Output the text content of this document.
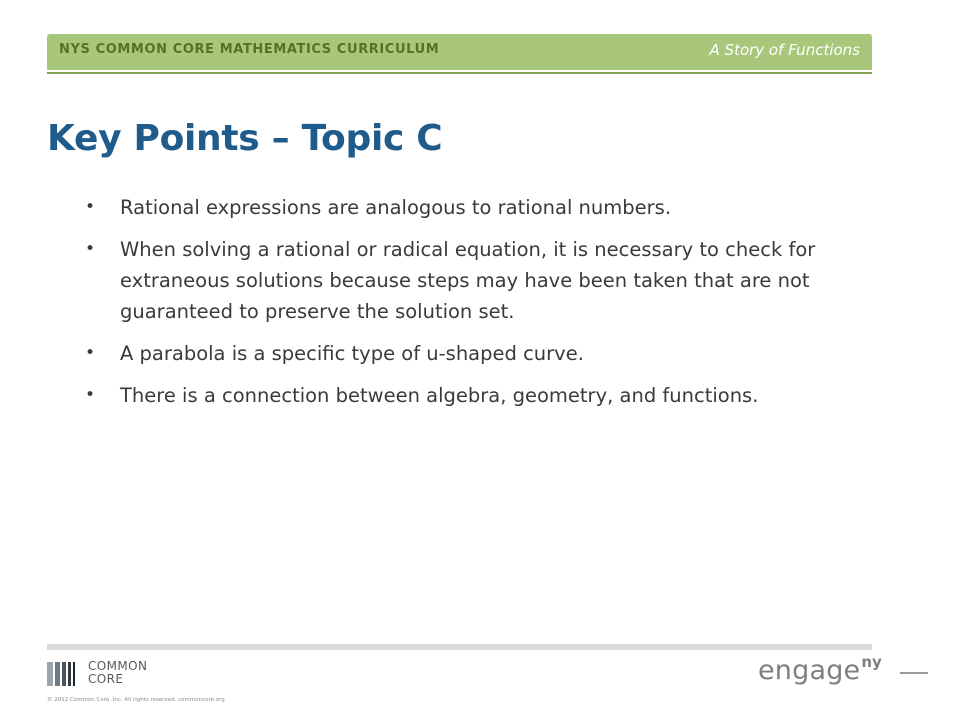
NYS COMMON CORE MATHEMATICS CURRICULUM	A Story of Functions
Key Points – Topic C
• Rational expressions are analogous to rational numbers.
• When solving a rational or radical equation, it is necessary to check for extraneous solutions because steps may have been taken that are not guaranteed to preserve the solution set.
• A parabola is a specific type of u-shaped curve.
• There is a connection between algebra, geometry, and functions.
COMMON
CORE
© 2012 Common Core, Inc. All rights reserved. commoncore.org
engageny
